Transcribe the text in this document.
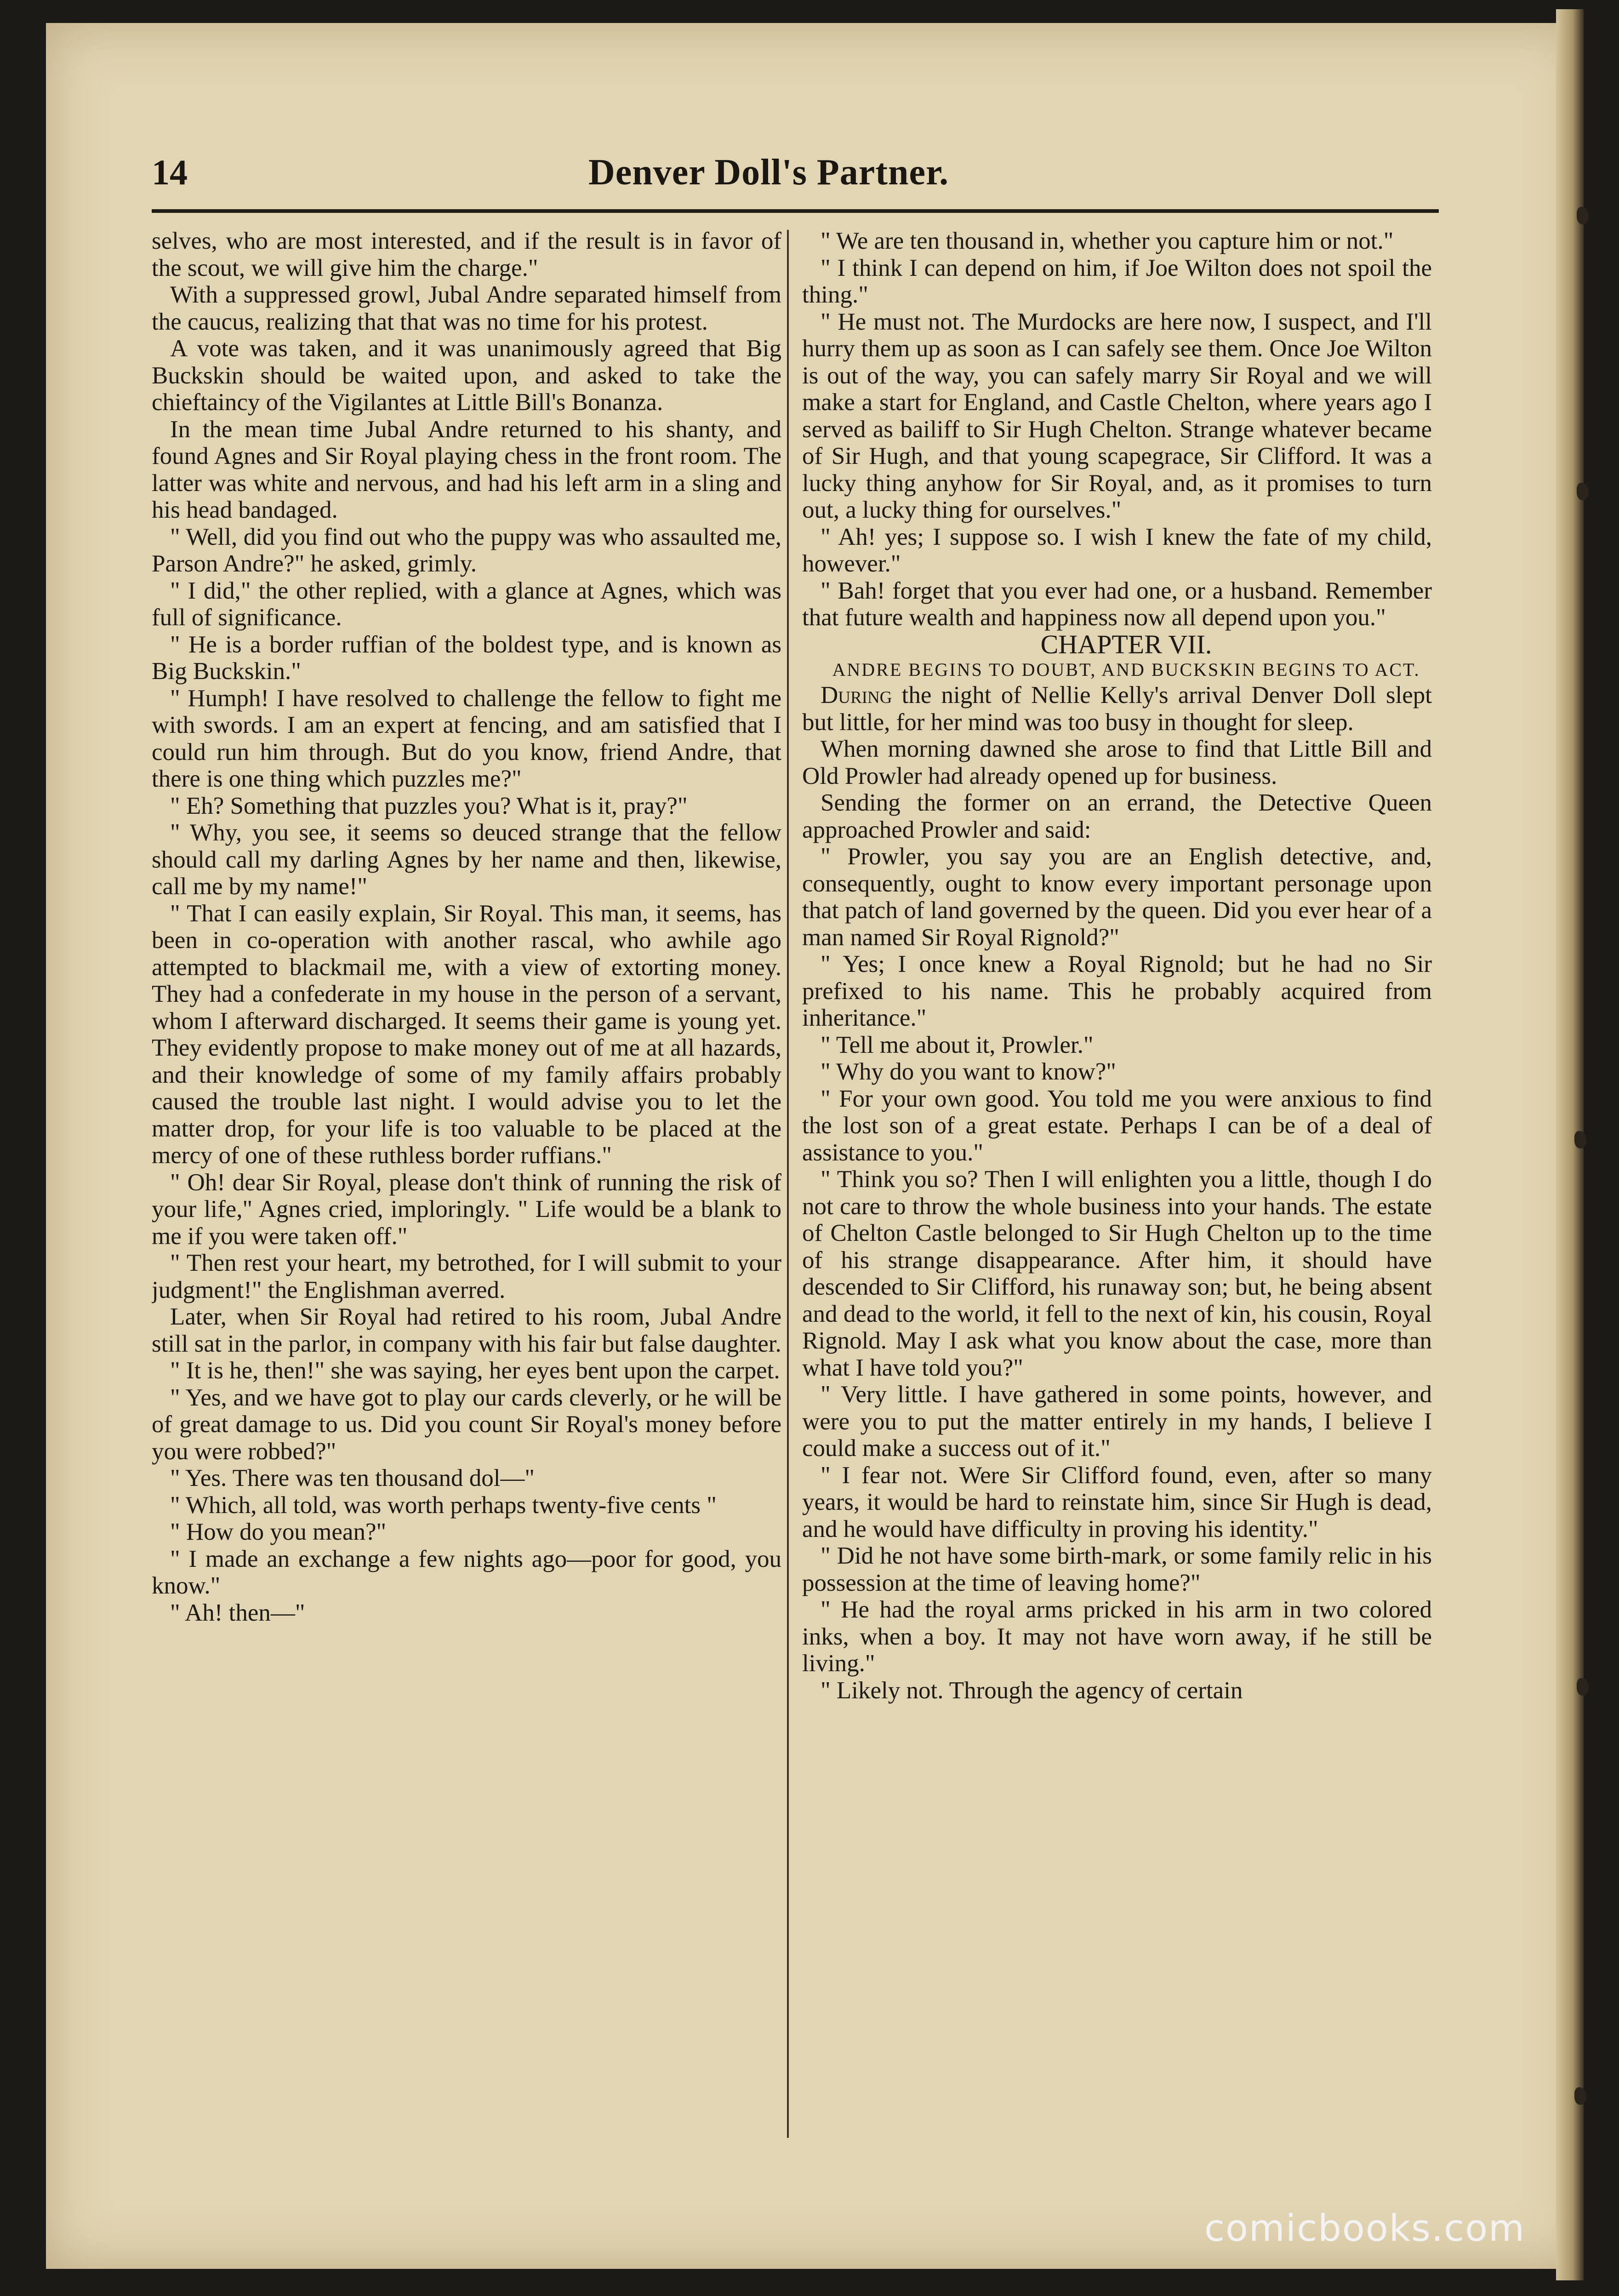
14	Denver Doll's Partner.

selves, who are most interested, and if the result is in favor of the scout, we will give him the charge."

With a suppressed growl, Jubal Andre separated himself from the caucus, realizing that that was no time for his protest.

A vote was taken, and it was unanimously agreed that Big Buckskin should be waited upon, and asked to take the chieftaincy of the Vigilantes at Little Bill's Bonanza.

In the mean time Jubal Andre returned to his shanty, and found Agnes and Sir Royal playing chess in the front room. The latter was white and nervous, and had his left arm in a sling and his head bandaged.

" Well, did you find out who the puppy was who assaulted me, Parson Andre?" he asked, grimly.

" I did," the other replied, with a glance at Agnes, which was full of significance.

" He is a border ruffian of the boldest type, and is known as Big Buckskin."

" Humph! I have resolved to challenge the fellow to fight me with swords. I am an expert at fencing, and am satisfied that I could run him through. But do you know, friend Andre, that there is one thing which puzzles me?"

" Eh? Something that puzzles you? What is it, pray?"

" Why, you see, it seems so deuced strange that the fellow should call my darling Agnes by her name and then, likewise, call me by my name!"

" That I can easily explain, Sir Royal. This man, it seems, has been in co-operation with another rascal, who awhile ago attempted to blackmail me, with a view of extorting money. They had a confederate in my house in the person of a servant, whom I afterward discharged. It seems their game is young yet. They evidently propose to make money out of me at all hazards, and their knowledge of some of my family affairs probably caused the trouble last night. I would advise you to let the matter drop, for your life is too valuable to be placed at the mercy of one of these ruthless border ruffians."

" Oh! dear Sir Royal, please don't think of running the risk of your life," Agnes cried, imploringly. " Life would be a blank to me if you were taken off."

" Then rest your heart, my betrothed, for I will submit to your judgment!" the Englishman averred.

Later, when Sir Royal had retired to his room, Jubal Andre still sat in the parlor, in company with his fair but false daughter.

" It is he, then!" she was saying, her eyes bent upon the carpet.

" Yes, and we have got to play our cards cleverly, or he will be of great damage to us. Did you count Sir Royal's money before you were robbed?"

" Yes. There was ten thousand dol—"

" Which, all told, was worth perhaps twenty-five cents "

" How do you mean?"

" I made an exchange a few nights ago—poor for good, you know."

" Ah! then—"

" We are ten thousand in, whether you capture him or not."

" I think I can depend on him, if Joe Wilton does not spoil the thing."

" He must not. The Murdocks are here now, I suspect, and I'll hurry them up as soon as I can safely see them. Once Joe Wilton is out of the way, you can safely marry Sir Royal and we will make a start for England, and Castle Chelton, where years ago I served as bailiff to Sir Hugh Chelton. Strange whatever became of Sir Hugh, and that young scapegrace, Sir Clifford. It was a lucky thing anyhow for Sir Royal, and, as it promises to turn out, a lucky thing for ourselves."

" Ah! yes; I suppose so. I wish I knew the fate of my child, however."

" Bah! forget that you ever had one, or a husband. Remember that future wealth and happiness now all depend upon you."

CHAPTER VII.

ANDRE BEGINS TO DOUBT, AND BUCKSKIN BEGINS TO ACT.

During the night of Nellie Kelly's arrival Denver Doll slept but little, for her mind was too busy in thought for sleep.

When morning dawned she arose to find that Little Bill and Old Prowler had already opened up for business.

Sending the former on an errand, the Detective Queen approached Prowler and said:

" Prowler, you say you are an English detective, and, consequently, ought to know every important personage upon that patch of land governed by the queen. Did you ever hear of a man named Sir Royal Rignold?"

" Yes; I once knew a Royal Rignold; but he had no Sir prefixed to his name. This he probably acquired from inheritance."

" Tell me about it, Prowler."

" Why do you want to know?"

" For your own good. You told me you were anxious to find the lost son of a great estate. Perhaps I can be of a deal of assistance to you."

" Think you so? Then I will enlighten you a little, though I do not care to throw the whole business into your hands. The estate of Chelton Castle belonged to Sir Hugh Chelton up to the time of his strange disappearance. After him, it should have descended to Sir Clifford, his runaway son; but, he being absent and dead to the world, it fell to the next of kin, his cousin, Royal Rignold. May I ask what you know about the case, more than what I have told you?"

" Very little. I have gathered in some points, however, and were you to put the matter entirely in my hands, I believe I could make a success out of it."

" I fear not. Were Sir Clifford found, even, after so many years, it would be hard to reinstate him, since Sir Hugh is dead, and he would have difficulty in proving his identity."

" Did he not have some birth-mark, or some family relic in his possession at the time of leaving home?"

" He had the royal arms pricked in his arm in two colored inks, when a boy. It may not have worn away, if he still be living."

" Likely not. Through the agency of certain

comicbooks.com
